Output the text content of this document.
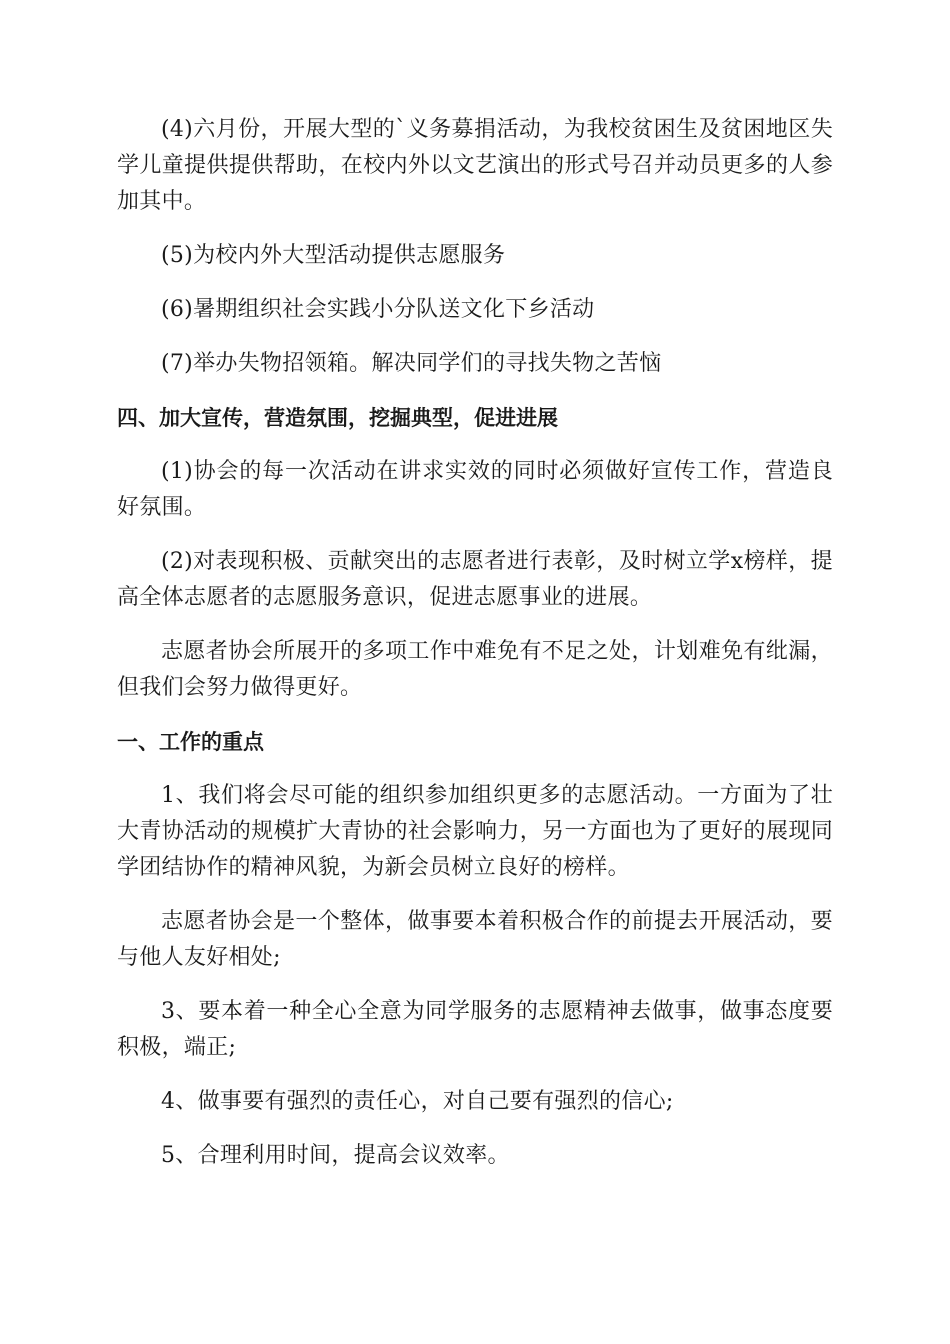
(4)六月份，开展大型的`义务募捐活动，为我校贫困生及贫困地区失学儿童提供提供帮助，在校内外以文艺演出的形式号召并动员更多的人参加其中。

(5)为校内外大型活动提供志愿服务

(6)暑期组织社会实践小分队送文化下乡活动

(7)举办失物招领箱。解决同学们的寻找失物之苦恼

四、加大宣传，营造氛围，挖掘典型，促进进展

(1)协会的每一次活动在讲求实效的同时必须做好宣传工作，营造良好氛围。

(2)对表现积极、贡献突出的志愿者进行表彰，及时树立学x榜样，提高全体志愿者的志愿服务意识，促进志愿事业的进展。

志愿者协会所展开的多项工作中难免有不足之处，计划难免有纰漏，但我们会努力做得更好。

一、工作的重点

1、我们将会尽可能的组织参加组织更多的志愿活动。一方面为了壮大青协活动的规模扩大青协的社会影响力，另一方面也为了更好的展现同学团结协作的精神风貌，为新会员树立良好的榜样。

志愿者协会是一个整体，做事要本着积极合作的前提去开展活动，要与他人友好相处;

3、要本着一种全心全意为同学服务的志愿精神去做事，做事态度要积极，端正;

4、做事要有强烈的责任心，对自己要有强烈的信心;

5、合理利用时间，提高会议效率。
